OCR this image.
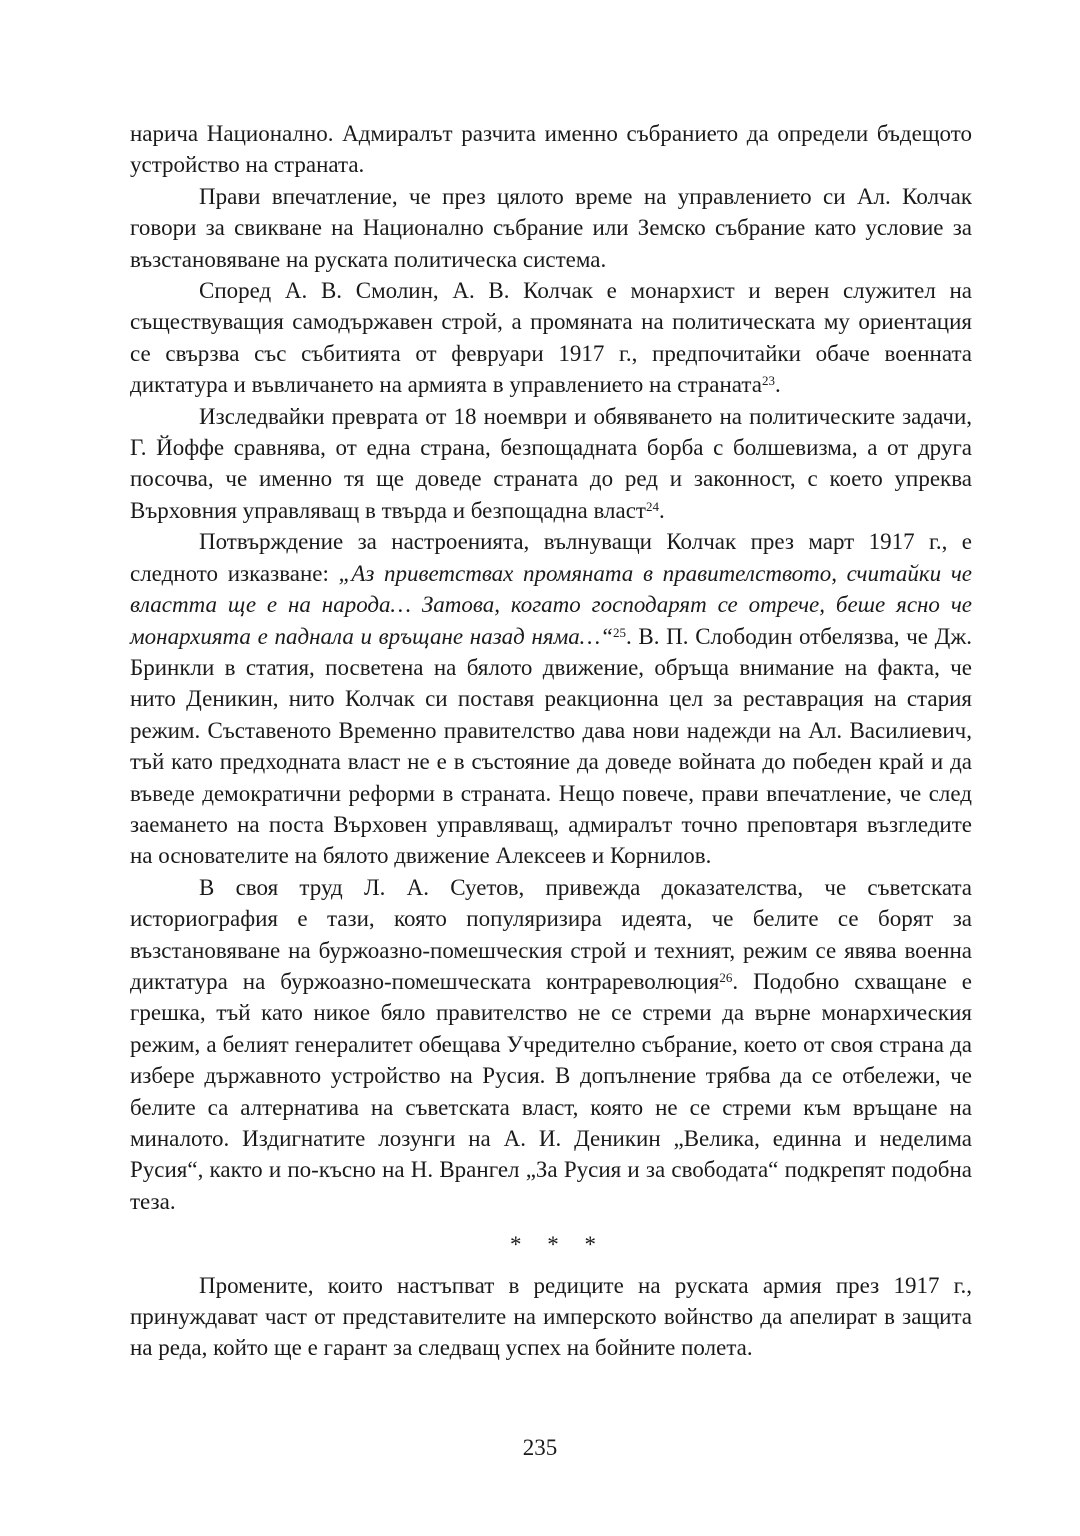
нарича Национално. Адмиралът разчита именно събранието да определи бъдещото устройство на страната.

Прави впечатление, че през цялото време на управлението си Ал. Колчак говори за свикване на Национално събрание или Земско събрание като условие за възстановяване на руската политическа система.

Според А. В. Смолин, А. В. Колчак е монархист и верен служител на съществуващия самодържавен строй, а промяната на политическата му ориентация се свързва със събитията от февруари 1917 г., предпочитайки обаче военната диктатура и въвличането на армията в управлението на страната$^{23}$.

Изследвайки преврата от 18 ноември и обявяването на политическите задачи, Г. Йоффе сравнява, от една страна, безпощадната борба с болшевизма, а от друга посочва, че именно тя ще доведе страната до ред и законност, с което упреква Върховния управляващ в твърда и безпощадна власт$^{24}$.

Потвърждение за настроенията, вълнуващи Колчак през март 1917 г., е следното изказване: „Аз приветствах промяната в правителството, считайки че властта ще е на народа… Затова, когато господарят се отрече, беше ясно че монархията е паднала и връщане назад няма…“$^{25}$. В. П. Слободин отбелязва, че Дж. Бринкли в статия, посветена на бялото движение, обръща внимание на факта, че нито Деникин, нито Колчак си поставя реакционна цел за реставрация на стария режим. Съставеното Временно правителство дава нови надежди на Ал. Василиевич, тъй като предходната власт не е в състояние да доведе войната до победен край и да въведе демократични реформи в страната. Нещо повече, прави впечатление, че след заемането на поста Върховен управляващ, адмиралът точно преповтаря възгледите на основателите на бялото движение Алексеев и Корнилов.

В своя труд Л. А. Суетов, привежда доказателства, че съветската историография е тази, която популяризира идеята, че белите се борят за възстановяване на буржоазно-помешческия строй и техният, режим се явява военна диктатура на буржоазно-помешческата контрареволюция$^{26}$. Подобно схващане е грешка, тъй като никое бяло правителство не се стреми да върне монархическия режим, а белият генералитет обещава Учредително събрание, което от своя страна да избере държавното устройство на Русия. В допълнение трябва да се отбележи, че белите са алтернатива на съветската власт, която не се стреми към връщане на миналото. Издигнатите лозунги на А. И. Деникин „Велика, единна и неделима Русия“, както и по-късно на Н. Врангел „За Русия и за свободата“ подкрепят подобна теза.

* * *

Промените, които настъпват в редиците на руската армия през 1917 г., принуждават част от представителите на имперското войнство да апелират в защита на реда, който ще е гарант за следващ успех на бойните полета.

235
